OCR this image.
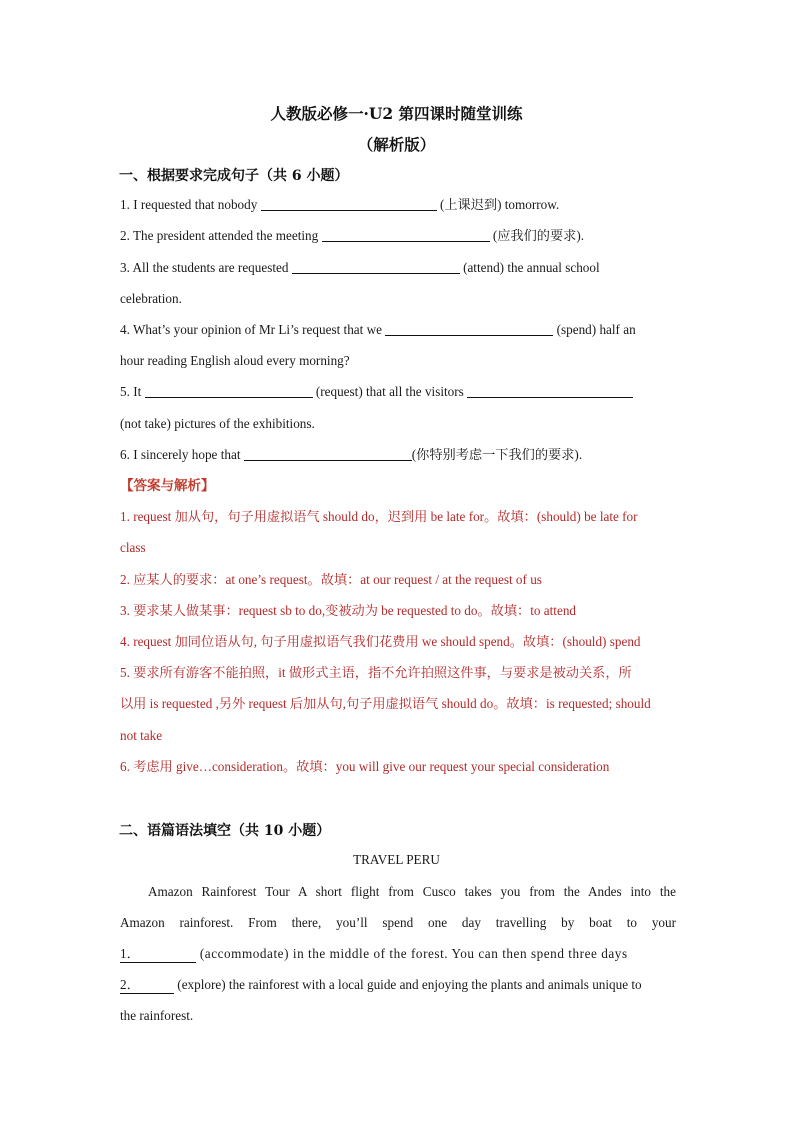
人教版必修一·U2 第四课时随堂训练
（解析版）
一、根据要求完成句子（共 6 小题）
1. I requested that nobody	(上课迟到) tomorrow.
2. The president attended the meeting	(应我们的要求).
3. All the students are requested	(attend) the annual school
celebration.
4. What’s your opinion of Mr Li’s request that we	(spend) half an
hour reading English aloud every morning?
5. It	(request) that all the visitors
(not take) pictures of the exhibitions.
6. I sincerely hope that	(你特别考虑一下我们的要求).
【答案与解析】
1. request 加从句，句子用虚拟语气 should do，迟到用 be late for。故填：(should) be late for
class
2. 应某人的要求：at one’s request。故填：at our request / at the request of us
3. 要求某人做某事：request sb to do,变被动为 be requested to do。故填：to attend
4. request 加同位语从句, 句子用虚拟语气我们花费用 we should spend。故填：(should) spend
5. 要求所有游客不能拍照，it 做形式主语，指不允许拍照这件事，与要求是被动关系，所
以用 is requested ,另外 request 后加从句,句子用虚拟语气 should do。故填：is requested; should
not take
6. 考虑用 give…consideration。故填：you will give our request your special consideration
二、语篇语法填空（共 10 小题）
TRAVEL PERU
Amazon Rainforest Tour A short flight from Cusco takes you from the Andes into the
Amazon rainforest. From there, you’ll spend one day travelling by boat to your
1．	(accommodate) in the middle of the forest. You can then spend three days
2．	(explore) the rainforest with a local guide and enjoying the plants and animals unique to
the rainforest.
